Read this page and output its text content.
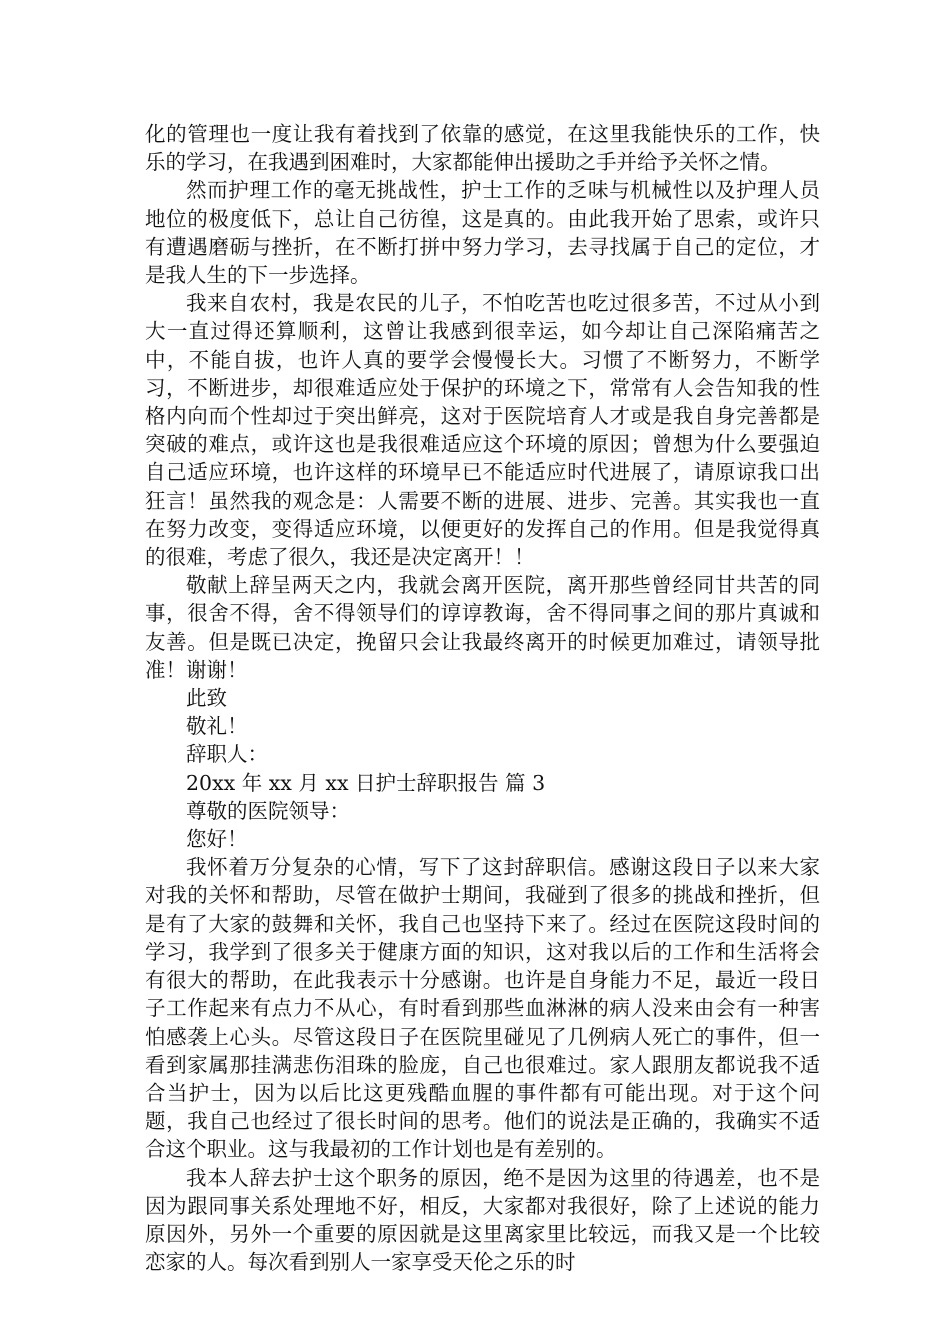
化的管理也一度让我有着找到了依靠的感觉，在这里我能快乐的工作，快乐的学习，在我遇到困难时，大家都能伸出援助之手并给予关怀之情。

然而护理工作的毫无挑战性，护士工作的乏味与机械性以及护理人员地位的极度低下，总让自己彷徨，这是真的。由此我开始了思索，或许只有遭遇磨砺与挫折，在不断打拼中努力学习，去寻找属于自己的定位，才是我人生的下一步选择。

我来自农村，我是农民的儿子，不怕吃苦也吃过很多苦，不过从小到大一直过得还算顺利，这曾让我感到很幸运，如今却让自己深陷痛苦之中，不能自拔，也许人真的要学会慢慢长大。习惯了不断努力，不断学习，不断进步，却很难适应处于保护的环境之下，常常有人会告知我的性格内向而个性却过于突出鲜亮，这对于医院培育人才或是我自身完善都是突破的难点，或许这也是我很难适应这个环境的原因；曾想为什么要强迫自己适应环境，也许这样的环境早已不能适应时代进展了，请原谅我口出狂言！虽然我的观念是：人需要不断的进展、进步、完善。其实我也一直在努力改变，变得适应环境，以便更好的发挥自己的作用。但是我觉得真的很难，考虑了很久，我还是决定离开！！

敬献上辞呈两天之内，我就会离开医院，离开那些曾经同甘共苦的同事，很舍不得，舍不得领导们的谆谆教诲，舍不得同事之间的那片真诚和友善。但是既已决定，挽留只会让我最终离开的时候更加难过，请领导批准！谢谢！

此致

敬礼！

辞职人：

20xx 年 xx 月 xx 日护士辞职报告 篇 3

尊敬的医院领导：

您好！

我怀着万分复杂的心情，写下了这封辞职信。感谢这段日子以来大家对我的关怀和帮助，尽管在做护士期间，我碰到了很多的挑战和挫折，但是有了大家的鼓舞和关怀，我自己也坚持下来了。经过在医院这段时间的学习，我学到了很多关于健康方面的知识，这对我以后的工作和生活将会有很大的帮助，在此我表示十分感谢。也许是自身能力不足，最近一段日子工作起来有点力不从心，有时看到那些血淋淋的病人没来由会有一种害怕感袭上心头。尽管这段日子在医院里碰见了几例病人死亡的事件，但一看到家属那挂满悲伤泪珠的脸庞，自己也很难过。家人跟朋友都说我不适合当护士，因为以后比这更残酷血腥的事件都有可能出现。对于这个问题，我自己也经过了很长时间的思考。他们的说法是正确的，我确实不适合这个职业。这与我最初的工作计划也是有差别的。

我本人辞去护士这个职务的原因，绝不是因为这里的待遇差，也不是因为跟同事关系处理地不好，相反，大家都对我很好，除了上述说的能力原因外，另外一个重要的原因就是这里离家里比较远，而我又是一个比较恋家的人。每次看到别人一家享受天伦之乐的时
